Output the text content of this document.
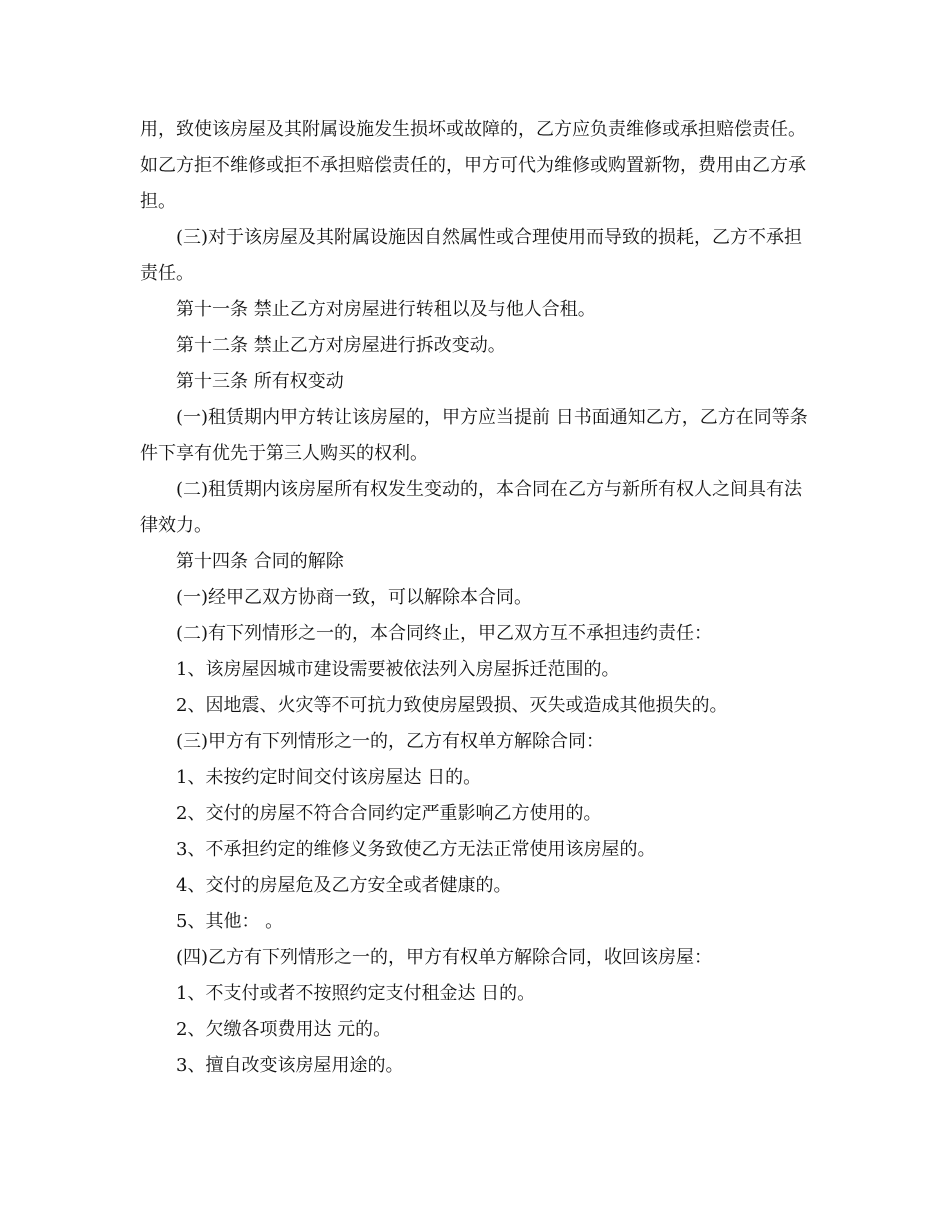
用，致使该房屋及其附属设施发生损坏或故障的，乙方应负责维修或承担赔偿责任。如乙方拒不维修或拒不承担赔偿责任的，甲方可代为维修或购置新物，费用由乙方承担。

(三)对于该房屋及其附属设施因自然属性或合理使用而导致的损耗，乙方不承担责任。

第十一条 禁止乙方对房屋进行转租以及与他人合租。

第十二条 禁止乙方对房屋进行拆改变动。

第十三条 所有权变动

(一)租赁期内甲方转让该房屋的，甲方应当提前 日书面通知乙方，乙方在同等条件下享有优先于第三人购买的权利。

(二)租赁期内该房屋所有权发生变动的，本合同在乙方与新所有权人之间具有法律效力。

第十四条 合同的解除

(一)经甲乙双方协商一致，可以解除本合同。

(二)有下列情形之一的，本合同终止，甲乙双方互不承担违约责任：

1、该房屋因城市建设需要被依法列入房屋拆迁范围的。

2、因地震、火灾等不可抗力致使房屋毁损、灭失或造成其他损失的。

(三)甲方有下列情形之一的，乙方有权单方解除合同：

1、未按约定时间交付该房屋达 日的。

2、交付的房屋不符合合同约定严重影响乙方使用的。

3、不承担约定的维修义务致使乙方无法正常使用该房屋的。

4、交付的房屋危及乙方安全或者健康的。

5、其他： 。

(四)乙方有下列情形之一的，甲方有权单方解除合同，收回该房屋：

1、不支付或者不按照约定支付租金达 日的。

2、欠缴各项费用达 元的。

3、擅自改变该房屋用途的。
